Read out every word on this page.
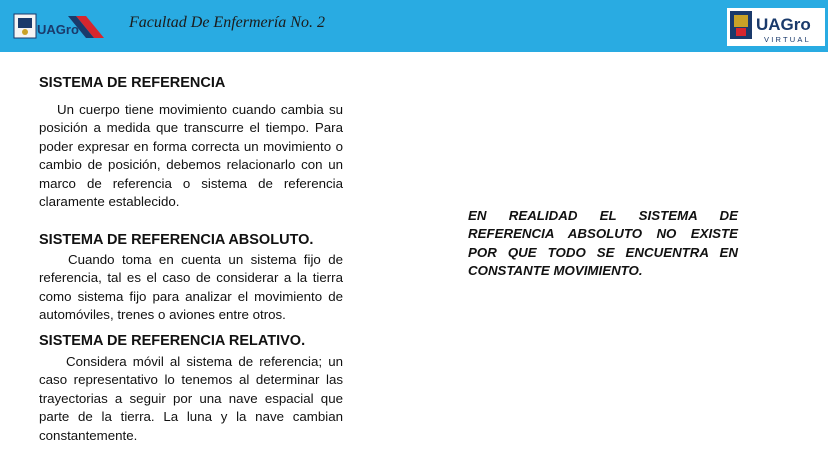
UAGro	Facultad De Enfermería No. 2	UAGro
VIRTUAL
SISTEMA DE REFERENCIA
Un cuerpo tiene movimiento cuando cambia su posición a medida que transcurre el tiempo. Para poder expresar en forma correcta un movimiento o cambio de posición, debemos relacionarlo con un marco de referencia o sistema de referencia claramente establecido.
SISTEMA DE REFERENCIA ABSOLUTO.
Cuando toma en cuenta un sistema fijo de referencia, tal es el caso de considerar a la tierra como sistema fijo para analizar el movimiento de automóviles, trenes o aviones entre otros.
SISTEMA DE REFERENCIA RELATIVO.
Considera móvil al sistema de referencia; un caso representativo lo tenemos al determinar las trayectorias a seguir por una nave espacial que parte de la tierra. La luna y la nave cambian constantemente.
EN REALIDAD EL SISTEMA DE REFERENCIA ABSOLUTO NO EXISTE POR QUE TODO SE ENCUENTRA EN
CONSTANTE MOVIMIENTO.
